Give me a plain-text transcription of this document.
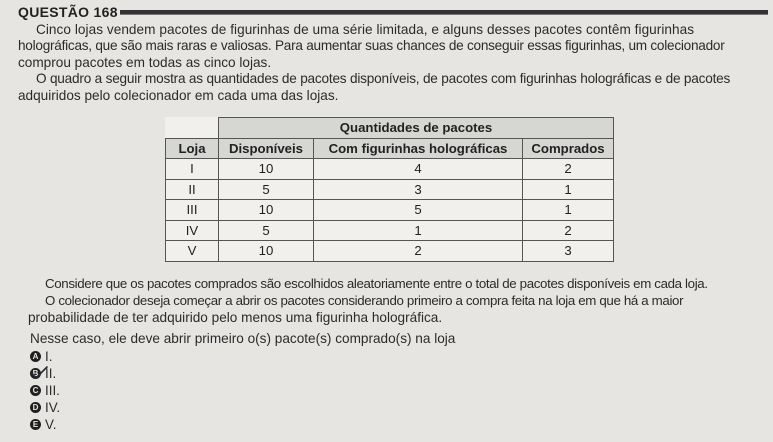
QUESTÃO 168
Cinco lojas vendem pacotes de figurinhas de uma série limitada, e alguns desses pacotes contêm figurinhas
holográficas, que são mais raras e valiosas. Para aumentar suas chances de conseguir essas figurinhas, um colecionador
comprou pacotes em todas as cinco lojas.
O quadro a seguir mostra as quantidades de pacotes disponíveis, de pacotes com figurinhas holográficas e de pacotes
adquiridos pelo colecionador em cada uma das lojas.
	Quantidades de pacotes		
Loja	Disponíveis	Com figurinhas holográficas	Comprados
I	10	4	2
II	5	3	1
III	10	5	1
IV	5	1	2
V	10	2	3
Considere que os pacotes comprados são escolhidos aleatoriamente entre o total de pacotes disponíveis em cada loja.
O colecionador deseja começar a abrir os pacotes considerando primeiro a compra feita na loja em que há a maior
probabilidade de ter adquirido pelo menos uma figurinha holográfica.
Nesse caso, ele deve abrir primeiro o(s) pacote(s) comprado(s) na loja
A I.
B II.
C III.
D IV.
E V.
